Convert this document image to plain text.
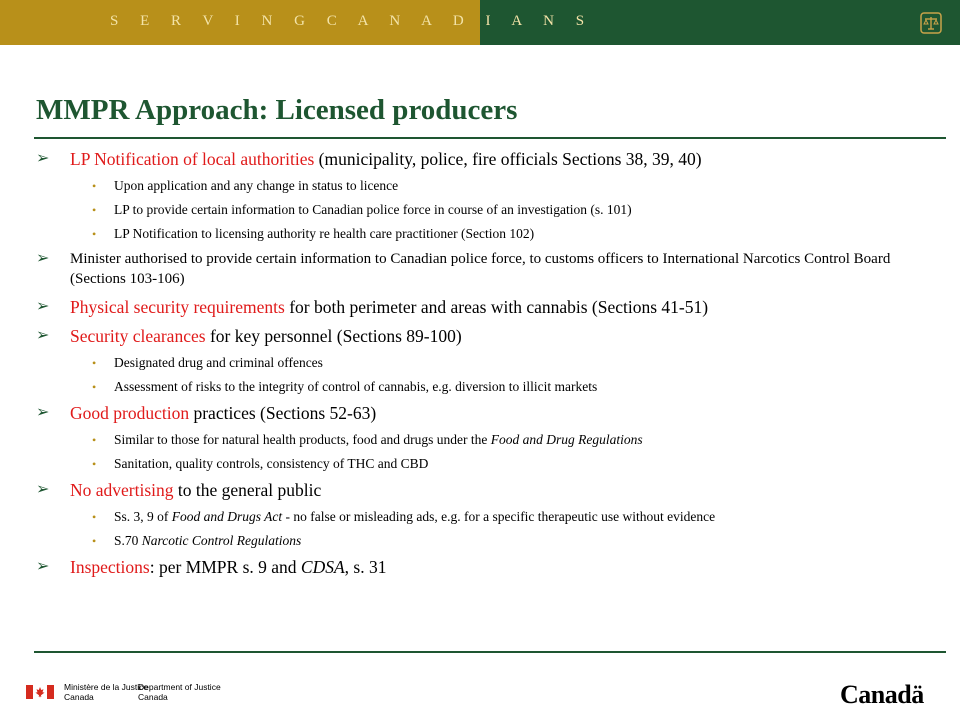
S E R V I N G C A N A D I A N S
MMPR Approach: Licensed producers
➢ LP Notification of local authorities (municipality, police, fire officials Sections 38, 39, 40)
• Upon application and any change in status to licence
• LP to provide certain information to Canadian police force in course of an investigation (s. 101)
• LP Notification to licensing authority re health care practitioner (Section 102)
➢ Minister authorised to provide certain information to Canadian police force, to customs officers to International Narcotics Control Board (Sections 103-106)
➢ Physical security requirements for both perimeter and areas with cannabis (Sections 41-51)
➢ Security clearances for key personnel (Sections 89-100)
• Designated drug and criminal offences
• Assessment of risks to the integrity of control of cannabis, e.g. diversion to illicit markets
➢ Good production practices (Sections 52-63)
• Similar to those for natural health products, food and drugs under the Food and Drug Regulations
• Sanitation, quality controls, consistency of THC and CBD
➢ No advertising to the general public
• Ss. 3, 9 of Food and Drugs Act - no false or misleading ads, e.g. for a specific therapeutic use without evidence
• S.70 Narcotic Control Regulations
➢ Inspections: per MMPR s. 9 and CDSA, s. 31
Ministère de la Justice
Canada
Department of Justice
Canada	Canadä
